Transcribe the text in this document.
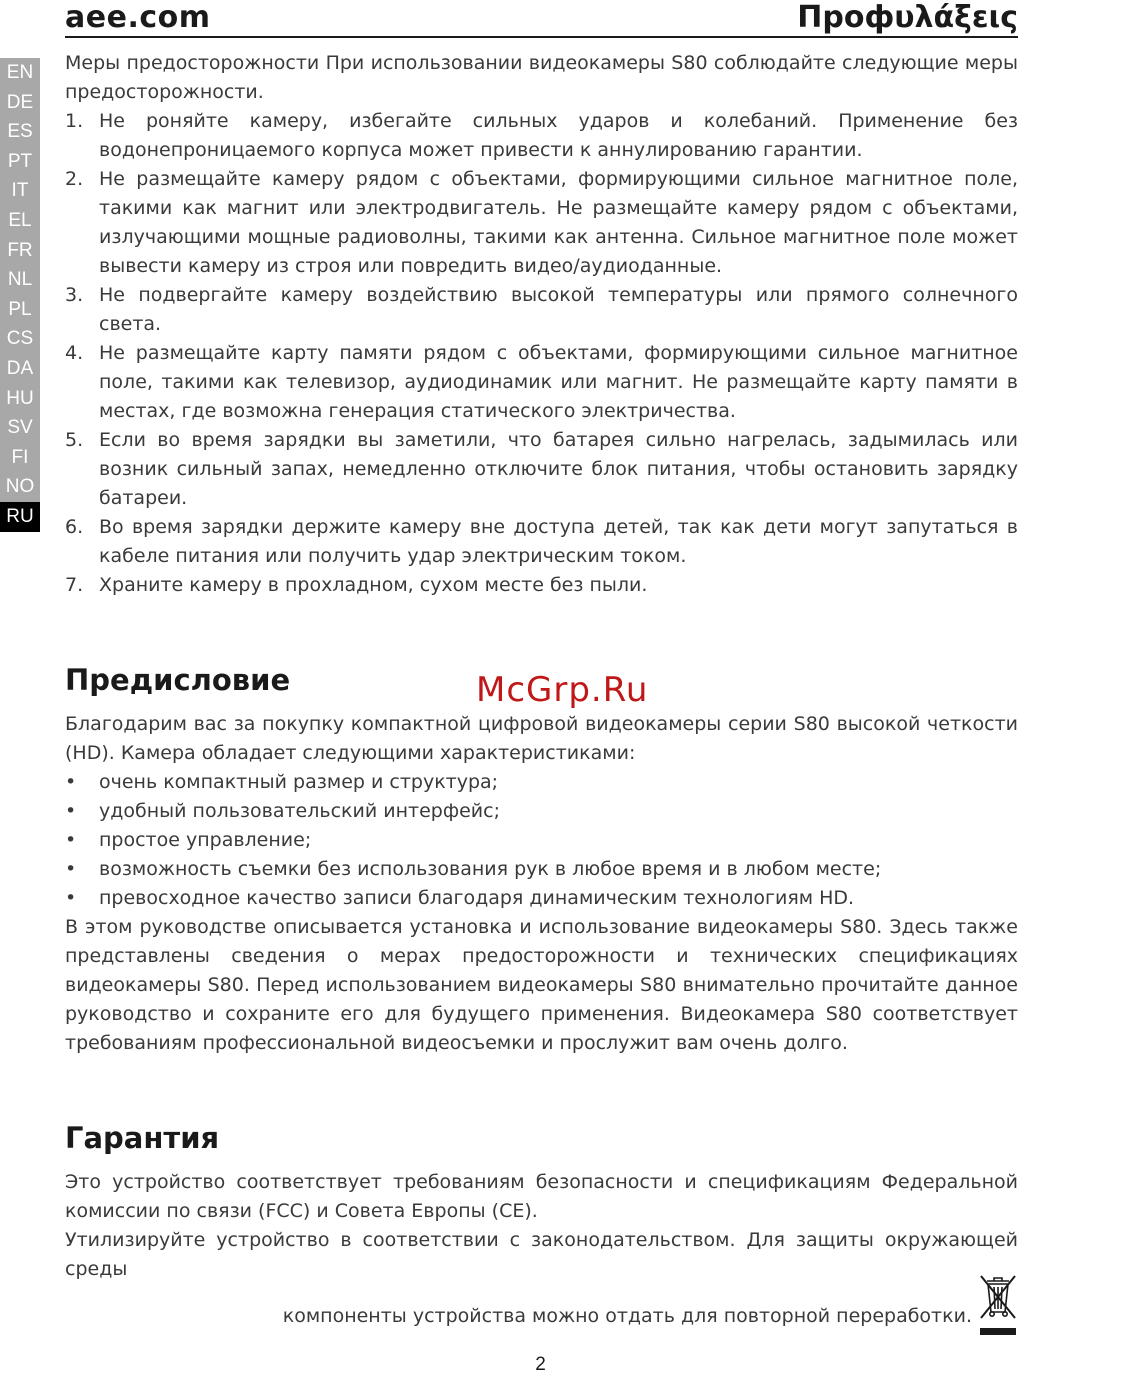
aee.com	Профυλάξεις
EN
DE
ES
PT
IT
EL
FR
NL
PL
CS
DA
HU
SV
FI
NO
RU

Меры предосторожности При использовании видеокамеры S80 соблюдайте следующие меры предосторожности.

1. Не роняйте камеру, избегайте сильных ударов и колебаний. Применение без водонепроницаемого корпуса может привести к аннулированию гарантии.
2. Не размещайте камеру рядом с объектами, формирующими сильное магнитное поле, такими как магнит или электродвигатель. Не размещайте камеру рядом с объектами, излучающими мощные радиоволны, такими как антенна. Сильное магнитное поле может вывести камеру из строя или повредить видео/аудиоданные.
3. Не подвергайте камеру воздействию высокой температуры или прямого солнечного света.
4. Не размещайте карту памяти рядом с объектами, формирующими сильное магнитное поле, такими как телевизор, аудиодинамик или магнит. Не размещайте карту памяти в местах, где возможна генерация статического электричества.
5. Если во время зарядки вы заметили, что батарея сильно нагрелась, задымилась или возник сильный запах, немедленно отключите блок питания, чтобы остановить зарядку батареи.
6. Во время зарядки держите камеру вне доступа детей, так как дети могут запутаться в кабеле питания или получить удар электрическим током.
7. Храните камеру в прохладном, сухом месте без пыли.
Предисловие

Благодарим вас за покупку компактной цифровой видеокамеры серии S80 высокой четкости (HD). Камера обладает следующими характеристиками:

• очень компактный размер и структура;
• удобный пользовательский интерфейс;
• простое управление;
• возможность съемки без использования рук в любое время и в любом месте;
• превосходное качество записи благодаря динамическим технологиям HD.

В этом руководстве описывается установка и использование видеокамеры S80. Здесь также представлены сведения о мерах предосторожности и технических спецификациях видеокамеры S80. Перед использованием видеокамеры S80 внимательно прочитайте данное руководство и сохраните его для будущего применения. Видеокамера S80 соответствует требованиям профессиональной видеосъемки и прослужит вам очень долго.

Гарантия

Это устройство соответствует требованиям безопасности и спецификациям Федеральной комиссии по связи (FCC) и Совета Европы (CE).

Утилизируйте устройство в соответствии с законодательством. Для защиты окружающей среды

компоненты устройства можно отдать для повторной переработки.
McGrp.Ru
2
